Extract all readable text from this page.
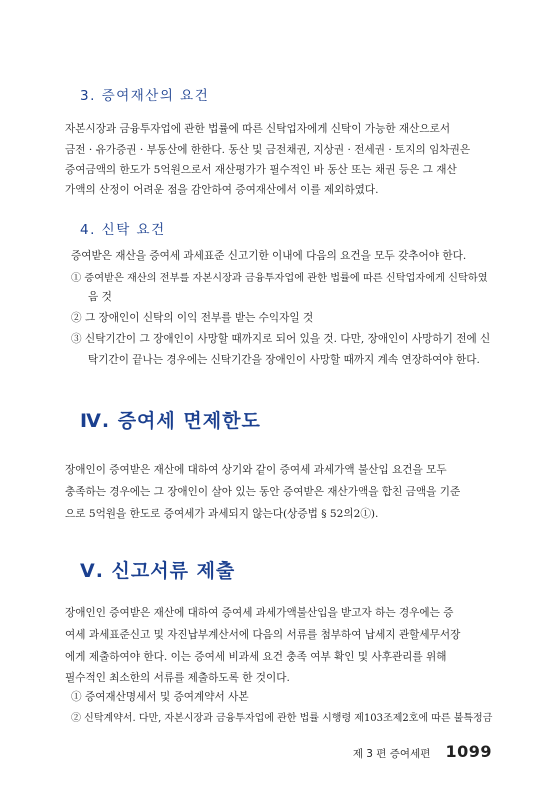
3. 증여재산의 요건
자본시장과 금융투자업에 관한 법률에 따른 신탁업자에게 신탁이 가능한 재산으로서
금전 · 유가증권 · 부동산에 한한다. 동산 및 금전채권, 지상권 · 전세권 · 토지의 임차권은
증여금액의 한도가 5억원으로서 재산평가가 필수적인 바 동산 또는 채권 등은 그 재산
가액의 산정이 어려운 점을 감안하여 증여재산에서 이를 제외하였다.
4. 신탁 요건
증여받은 재산을 증여세 과세표준 신고기한 이내에 다음의 요건을 모두 갖추어야 한다.
① 증여받은 재산의 전부를 자본시장과 금융투자업에 관한 법률에 따른 신탁업자에게 신탁하였
음 것
② 그 장애인이 신탁의 이익 전부를 받는 수익자일 것
③ 신탁기간이 그 장애인이 사망할 때까지로 되어 있을 것. 다만, 장애인이 사망하기 전에 신
탁기간이 끝나는 경우에는 신탁기간을 장애인이 사망할 때까지 계속 연장하여야 한다.
Ⅳ. 증여세 면제한도
장애인이 증여받은 재산에 대하여 상기와 같이 증여세 과세가액 불산입 요건을 모두
충족하는 경우에는 그 장애인이 살아 있는 동안 증여받은 재산가액을 합친 금액을 기준
으로 5억원을 한도로 증여세가 과세되지 않는다(상증법 § 52의2①).
Ⅴ. 신고서류 제출
장애인인 증여받은 재산에 대하여 증여세 과세가액불산입을 받고자 하는 경우에는 증
여세 과세표준신고 및 자진납부계산서에 다음의 서류를 첨부하여 납세지 관할세무서장
에게 제출하여야 한다. 이는 증여세 비과세 요건 충족 여부 확인 및 사후관리를 위해
필수적인 최소한의 서류를 제출하도록 한 것이다.
① 증여재산명세서 및 증여계약서 사본
② 신탁계약서. 다만, 자본시장과 금융투자업에 관한 법률 시행령 제103조제2호에 따른 불특정금
제 3 편 증여세편 1099
